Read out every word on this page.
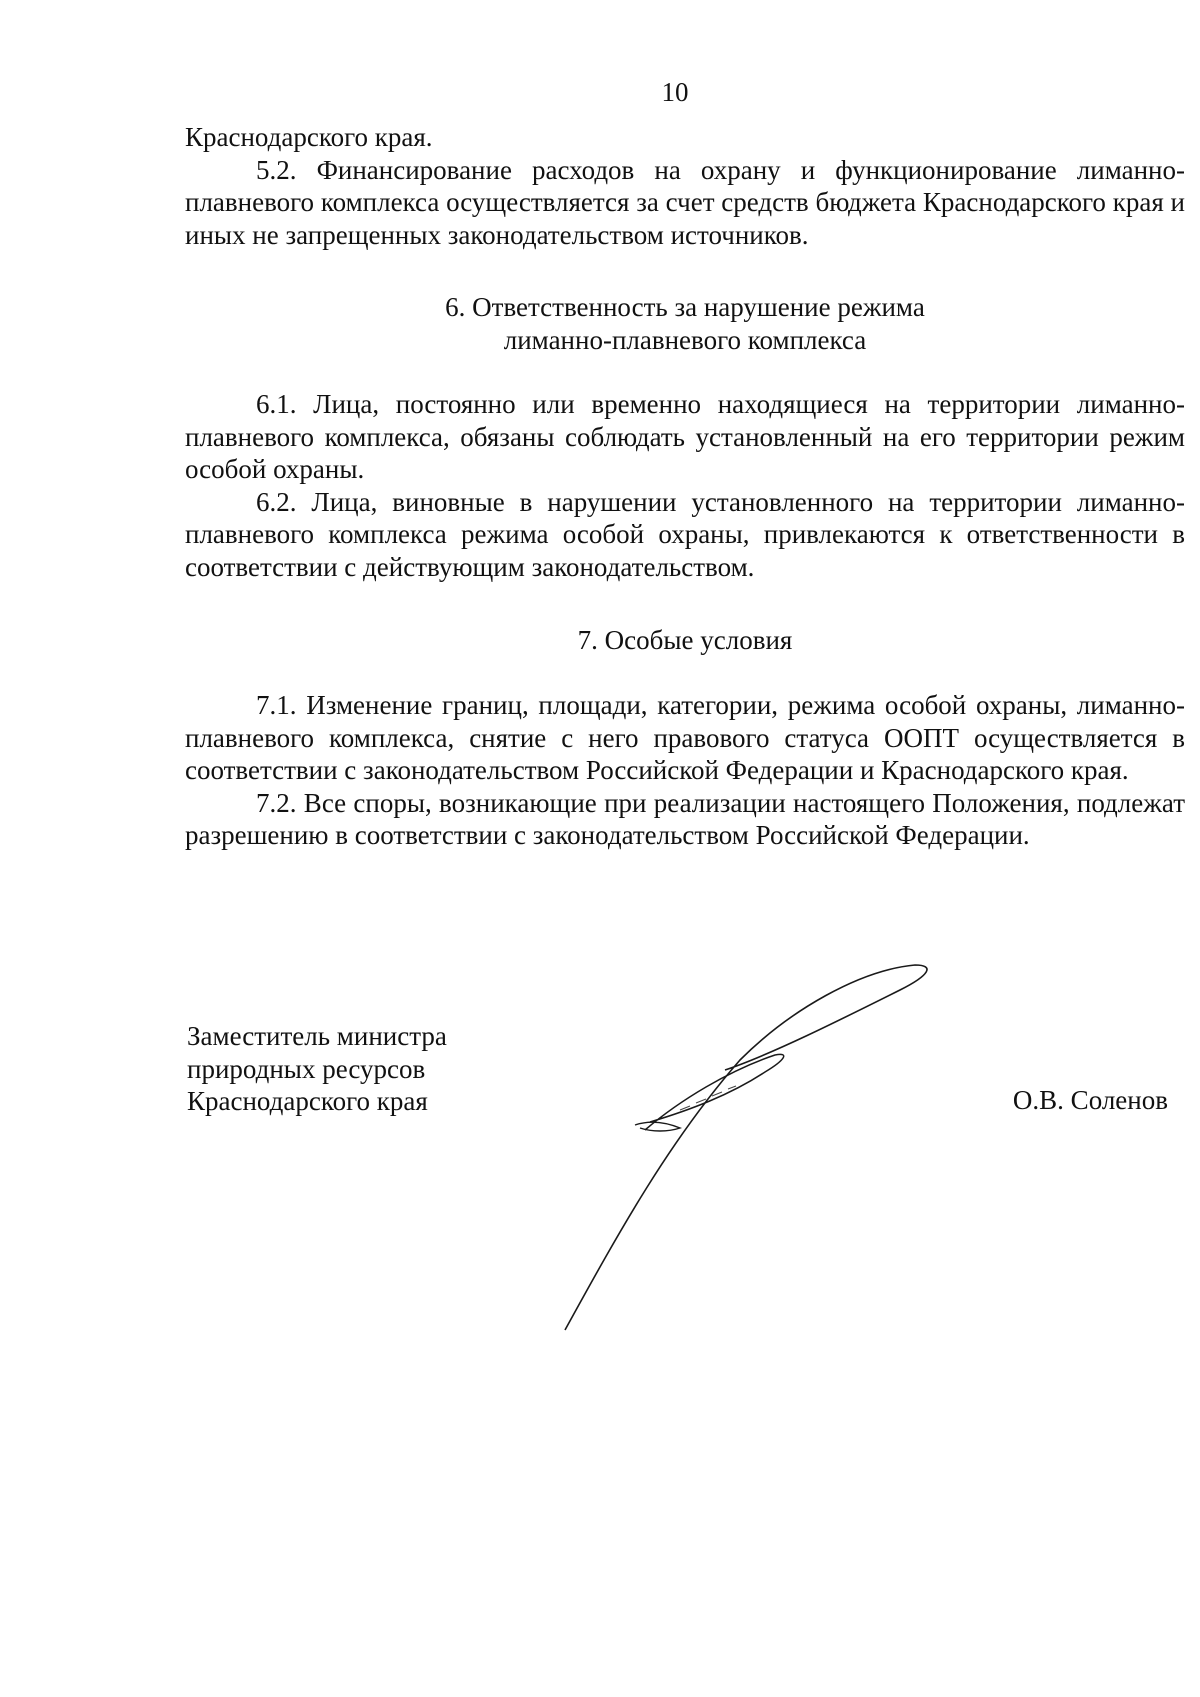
10

Краснодарского края.

5.2. Финансирование расходов на охрану и функционирование лиманно-плавневого комплекса осуществляется за счет средств бюджета Краснодарского края и иных не запрещенных законодательством источников.

6. Ответственность за нарушение режима
лиманно-плавневого комплекса

6.1. Лица, постоянно или временно находящиеся на территории лиманно-плавневого комплекса, обязаны соблюдать установленный на его территории режим особой охраны.

6.2. Лица, виновные в нарушении установленного на территории лиманно-плавневого комплекса режима особой охраны, привлекаются к ответственности в соответствии с действующим законодательством.

7. Особые условия

7.1. Изменение границ, площади, категории, режима особой охраны, лиманно-плавневого комплекса, снятие с него правового статуса ООПТ осуществляется в соответствии с законодательством Российской Федерации и Краснодарского края.

7.2. Все споры, возникающие при реализации настоящего Положения, подлежат разрешению в соответствии с законодательством Российской Федерации.

Заместитель министра
природных ресурсов
Краснодарского края	О.В. Соленов
